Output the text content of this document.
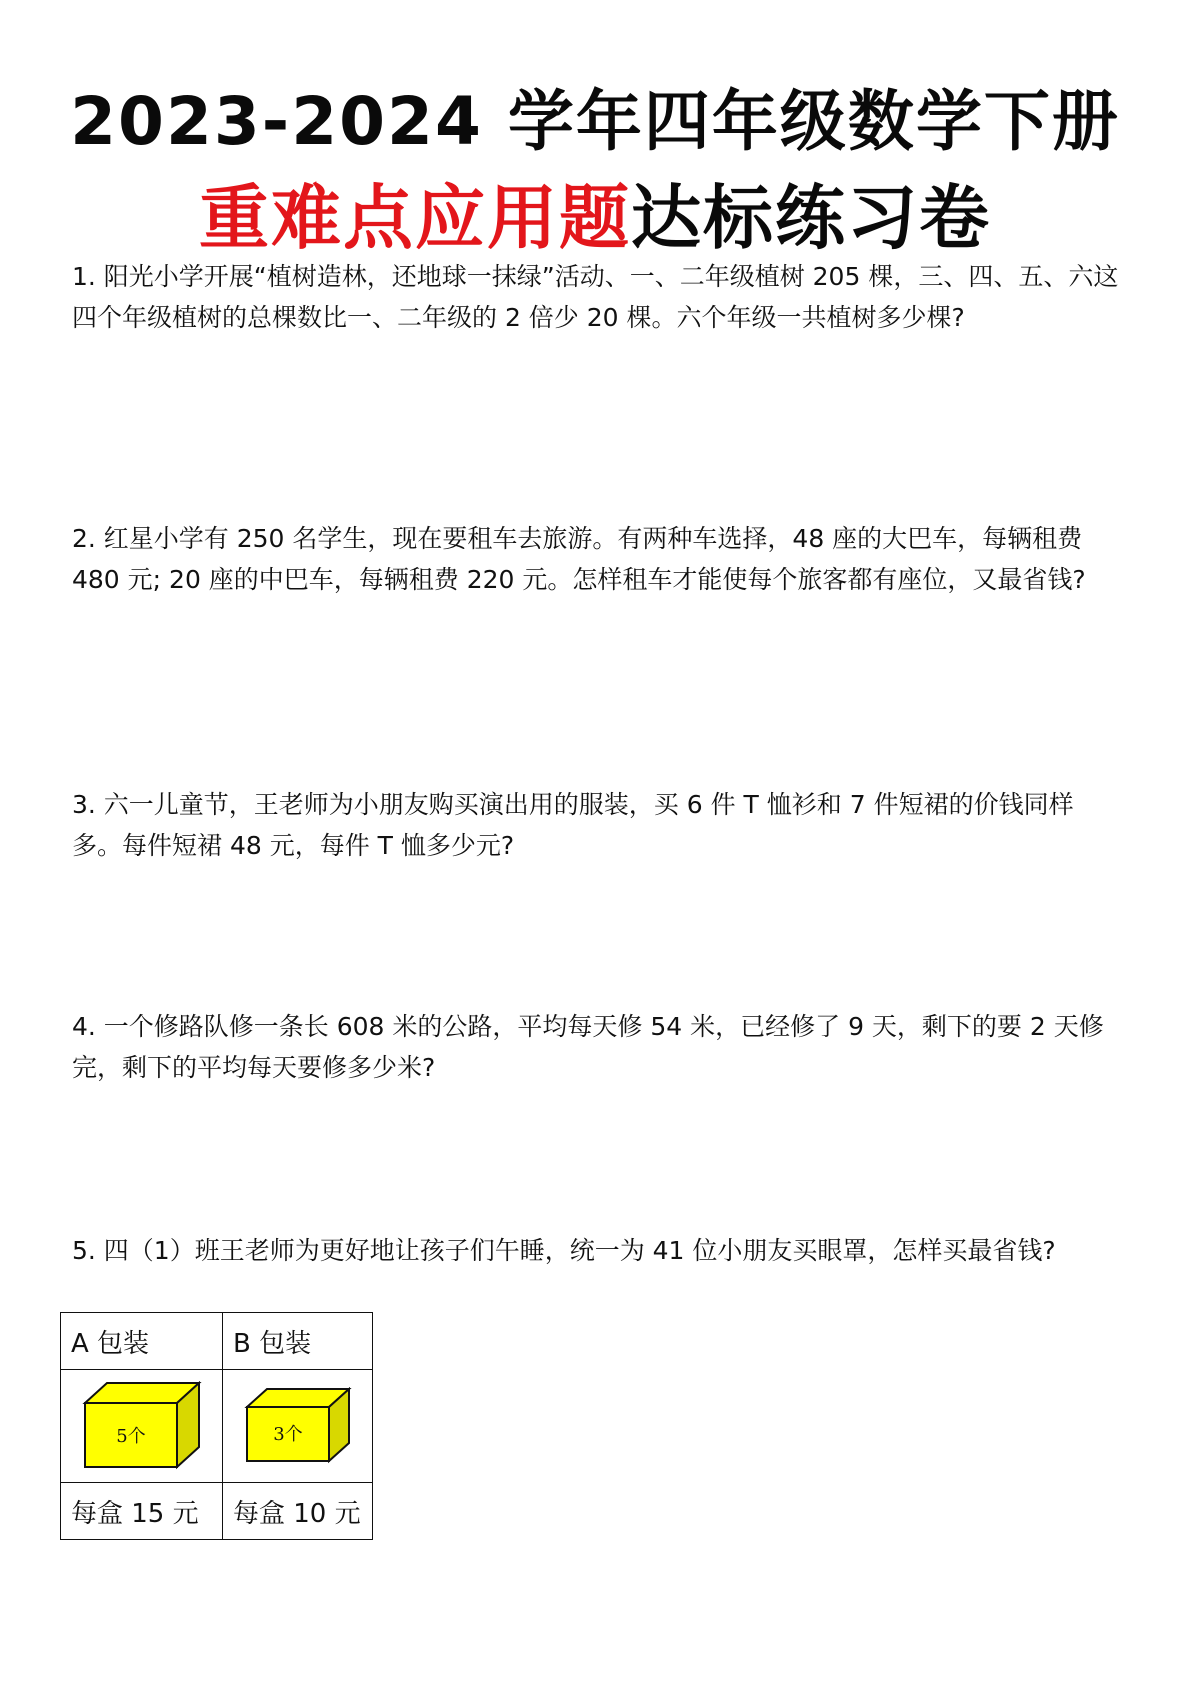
2023-2024 学年四年级数学下册
重难点应用题达标练习卷
1. 阳光小学开展“植树造林，还地球一抹绿”活动、一、二年级植树 205 棵，三、四、五、六这四个年级植树的总棵数比一、二年级的 2 倍少 20 棵。六个年级一共植树多少棵?
2. 红星小学有 250 名学生，现在要租车去旅游。有两种车选择，48 座的大巴车，每辆租费 480 元; 20 座的中巴车，每辆租费 220 元。怎样租车才能使每个旅客都有座位，又最省钱?
3. 六一儿童节，王老师为小朋友购买演出用的服装，买 6 件 T 恤衫和 7 件短裙的价钱同样多。每件短裙 48 元，每件 T 恤多少元?
4. 一个修路队修一条长 608 米的公路，平均每天修 54 米，已经修了 9 天，剩下的要 2 天修完，剩下的平均每天要修多少米?
5. 四（1）班王老师为更好地让孩子们午睡，统一为 41 位小朋友买眼罩，怎样买最省钱?
A 包装	B 包装

5个	3个

每盒 15 元	每盒 10 元
